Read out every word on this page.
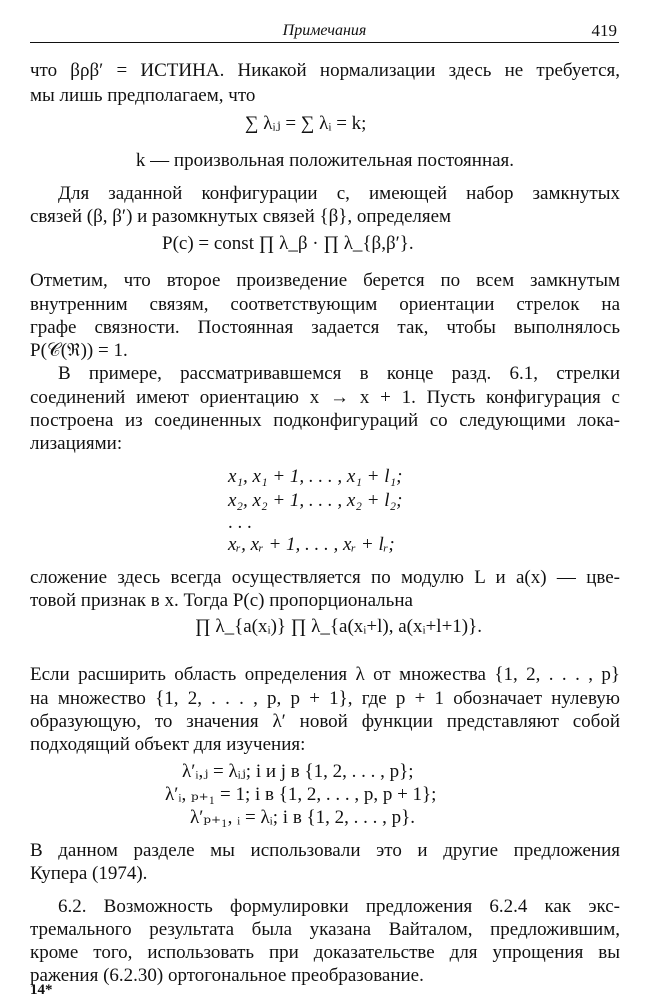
Примечания	419
что βρβ′ = ИСТИНА. Никакой нормализации здесь не требуется,
мы лишь предполагаем, что
∑ λᵢⱼ = ∑ λᵢ = k;
k — произвольная положительная постоянная.
Для заданной конфигурации c, имеющей набор замкнутых
связей (β, β′) и разомкнутых связей {β}, определяем
P(c) = const ∏ λ_β · ∏ λ_{β,β′}.
Отметим, что второе произведение берется по всем замкнутым
внутренним связям, соответствующим ориентации стрелок на
графе связности. Постоянная задается так, чтобы выполнялось
P(𝒞(ℜ)) = 1.
В примере, рассматривавшемся в конце разд. 6.1, стрелки
соединений имеют ориентацию x → x + 1. Пусть конфигурация c
построена из соединенных подконфигураций со следующими лока-
лизациями:
x₁, x₁ + 1, . . . , x₁ + l₁;
x₂, x₂ + 1, . . . , x₂ + l₂;
. . .
xᵣ, xᵣ + 1, . . . , xᵣ + lᵣ;
сложение здесь всегда осуществляется по модулю L и a(x) — цве-
товой признак в x. Тогда P(c) пропорциональна
∏ λ_{a(xᵢ)} ∏ λ_{a(xᵢ+l), a(xᵢ+l+1)}.
Если расширить область определения λ от множества {1, 2, . . . , p}
на множество {1, 2, . . . , p, p + 1}, где p + 1 обозначает нулевую
образующую, то значения λ′ новой функции представляют собой
подходящий объект для изучения:
λ′ᵢ,ⱼ = λᵢⱼ; i и j в {1, 2, . . . , p};
λ′ᵢ, ₚ₊₁ = 1; i в {1, 2, . . . , p, p + 1};
λ′ₚ₊₁, ᵢ = λᵢ; i в {1, 2, . . . , p}.
В данном разделе мы использовали это и другие предложения
Купера (1974).
6.2. Возможность формулировки предложения 6.2.4 как экс-
тремального результата была указана Вайталом, предложившим,
кроме того, использовать при доказательстве для упрощения вы
ражения (6.2.30) ортогональное преобразование.
14*
